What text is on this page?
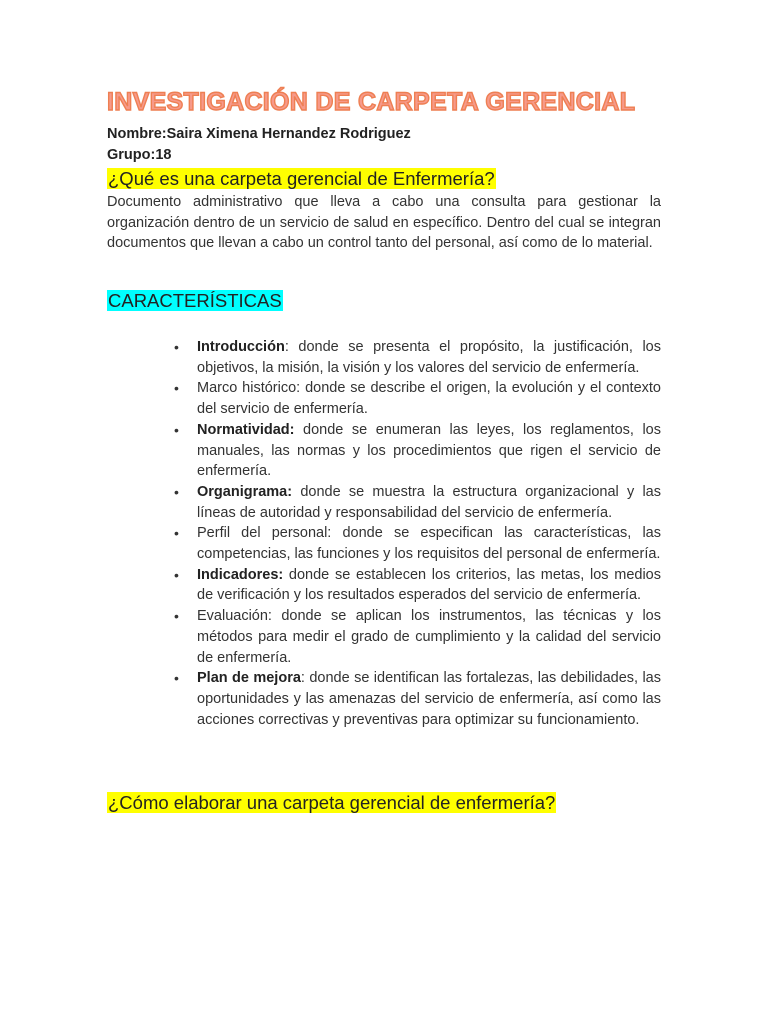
INVESTIGACIÓN DE CARPETA GERENCIAL
Nombre:Saira Ximena Hernandez Rodriguez
Grupo:18
¿Qué es una carpeta gerencial de Enfermería?

Documento administrativo que lleva a cabo una consulta para gestionar la organización dentro de un servicio de salud en específico. Dentro del cual se integran documentos que llevan a cabo un control tanto del personal, así como de lo material.

CARACTERÍSTICAS
• Introducción: donde se presenta el propósito, la justificación, los objetivos, la misión, la visión y los valores del servicio de enfermería.
• Marco histórico: donde se describe el origen, la evolución y el contexto del servicio de enfermería.
• Normatividad: donde se enumeran las leyes, los reglamentos, los manuales, las normas y los procedimientos que rigen el servicio de enfermería.
• Organigrama: donde se muestra la estructura organizacional y las líneas de autoridad y responsabilidad del servicio de enfermería.
• Perfil del personal: donde se especifican las características, las competencias, las funciones y los requisitos del personal de enfermería.
• Indicadores: donde se establecen los criterios, las metas, los medios de verificación y los resultados esperados del servicio de enfermería.
• Evaluación: donde se aplican los instrumentos, las técnicas y los métodos para medir el grado de cumplimiento y la calidad del servicio de enfermería.
• Plan de mejora: donde se identifican las fortalezas, las debilidades, las oportunidades y las amenazas del servicio de enfermería, así como las acciones correctivas y preventivas para optimizar su funcionamiento.
¿Cómo elaborar una carpeta gerencial de enfermería?
